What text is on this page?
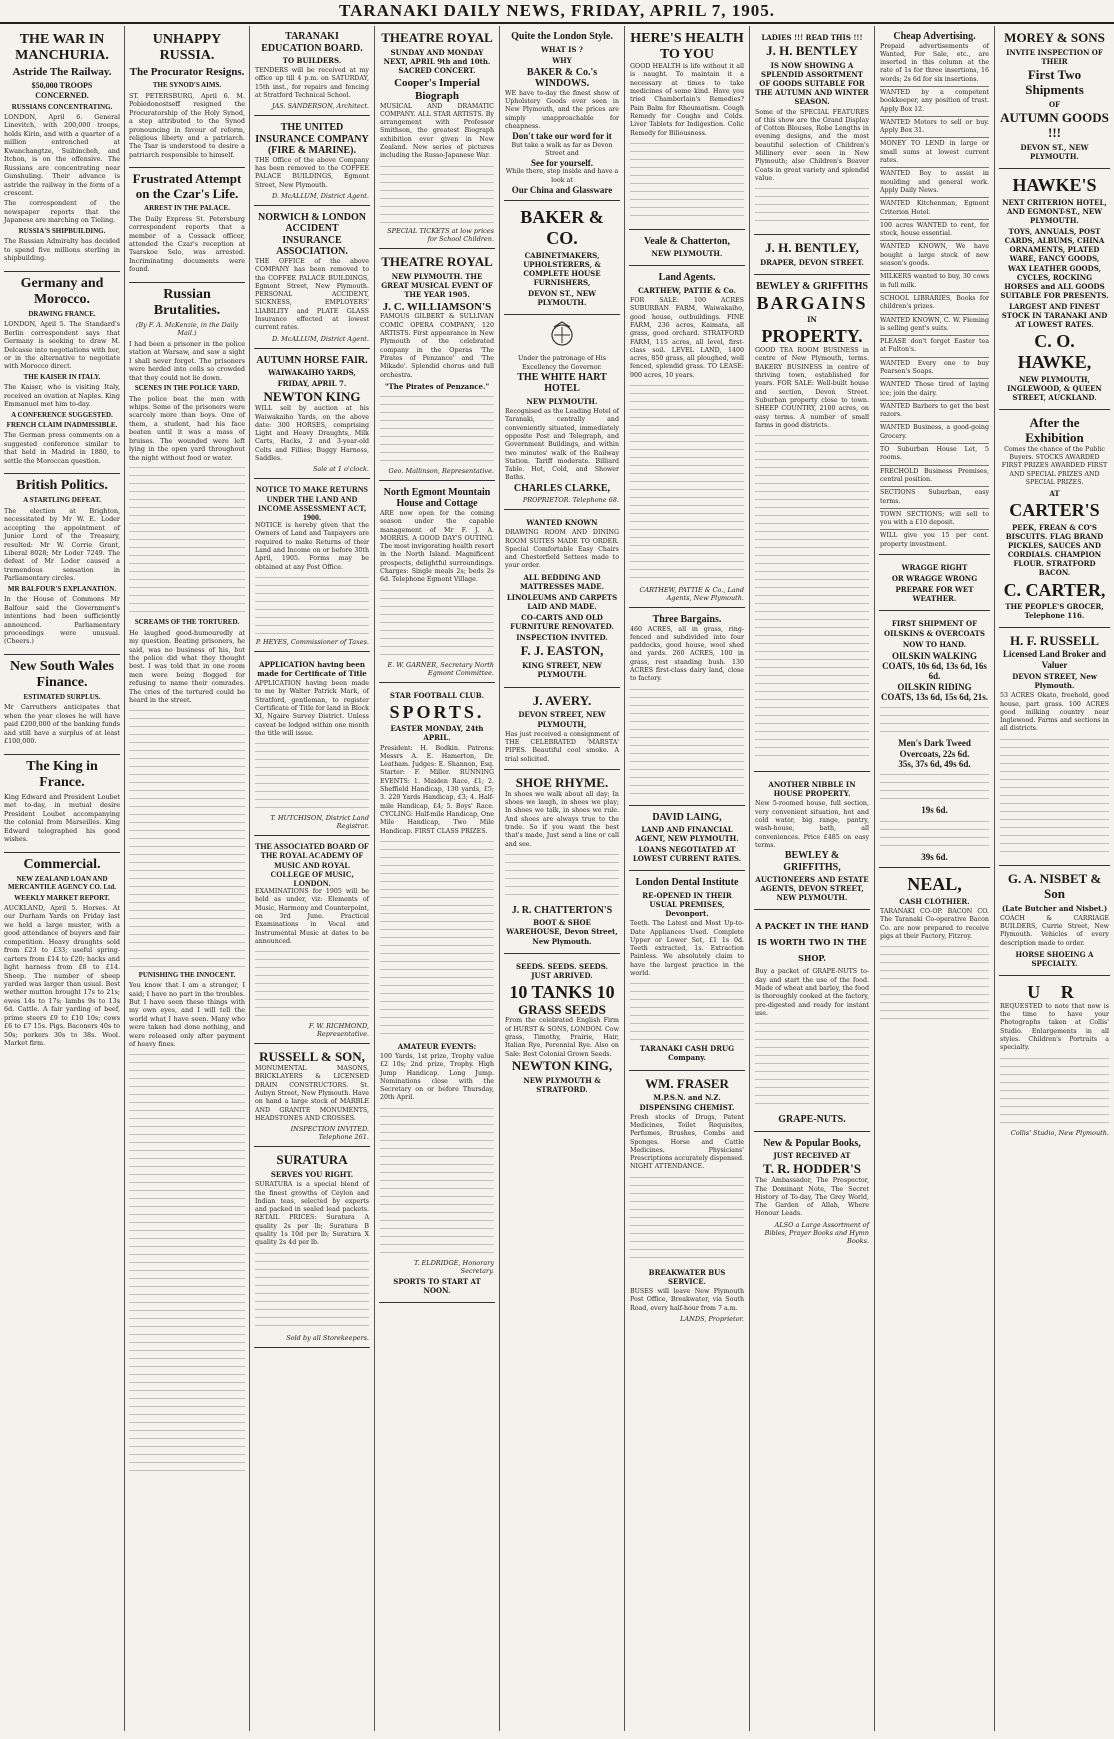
TARANAKI DAILY NEWS, FRIDAY, APRIL 7, 1905.
THE WAR IN MANCHURIA.
Astride The Railway.
$50,000 TROOPS CONCERNED.
RUSSIANS CONCENTRATING.

LONDON, April 6. General Linevitch, with 200,000 troops, holds Kirin, and with a quarter of a million entrenched at Kwanchangtze, Suibincheh, and Itchon, is on the offensive. The Russians are concentrating near Gunshuling. Their advance is astride the railway in the form of a crescent.

The correspondent of the newspaper reports that the Japanese are marching on Tieling.

RUSSIA'S SHIPBUILDING.

The Russian Admiralty has decided to spend five millions sterling in shipbuilding.

Germany and Morocco.
DRAWING FRANCE.

LONDON, April 5. The Standard's Berlin correspondent says that Germany is seeking to draw M. Delcasse into negotiations with her, or in the alternative to negotiate with Morocco direct.

THE KAISER IN ITALY.

The Kaiser, who is visiting Italy, received an ovation at Naples. King Emmanuel met him to-day.

A CONFERENCE SUGGESTED.
FRENCH CLAIM INADMISSIBLE.

The German press comments on a suggested conference similar to that held in Madrid in 1880, to settle the Moroccan question.

British Politics.
A STARTLING DEFEAT.

The election at Brighton, necessitated by Mr W. E. Loder accepting the appointment of Junior Lord of the Treasury, resulted: Mr W. Corrie Grant, Liberal 8028; Mr Loder 7249. The defeat of Mr Loder caused a tremendous sensation in Parliamentary circles.

MR BALFOUR'S EXPLANATION.

In the House of Commons Mr Balfour said the Government's intentions had been sufficiently announced. Parliamentary proceedings were unusual. (Cheers.)

New South Wales Finance.
ESTIMATED SURPLUS.

Mr Carruthers anticipates that when the year closes he will have paid £200,000 of the banking funds and still have a surplus of at least £100,000.

The King in France.

King Edward and President Loubet met to-day, in mutual desire President Loubet accompanying the colonial from Marseilles. King Edward telegraphed his good wishes.

Commercial.
NEW ZEALAND LOAN AND MERCANTILE AGENCY CO. Ltd.
WEEKLY MARKET REPORT.

AUCKLAND, April 5. Horses. At our Durham Yards on Friday last we held a large muster, with a good attendance of buyers and fair competition. Heavy draughts sold from £23 to £33; useful spring-carters from £14 to £20; hacks and light harness from £8 to £14. Sheep. The number of sheep yarded was larger than usual. Best wether mutton brought 17s to 21s; ewes 14s to 17s; lambs 9s to 13s 6d. Cattle. A fair yarding of beef, prime steers £9 to £10 10s; cows £6 to £7 15s. Pigs. Baconers 40s to 50s; porkers 30s to 38s. Wool. Market firm.

UNHAPPY RUSSIA.
The Procurator Resigns.
THE SYNOD'S AIMS.

ST. PETERSBURG, April 6. M. Pobiedonostseff resigned the Procuratorship of the Holy Synod, a step attributed to the Synod pronouncing in favour of reform, religious liberty and a patriarch. The Tsar is understood to desire a patriarch responsible to himself.

Frustrated Attempt on the Czar's Life.
ARREST IN THE PALACE.

The Daily Express St. Petersburg correspondent reports that a member of a Cossack officer, attended the Czar's reception at Tsarskoe Selo, was arrested. Incriminating documents were found.

Russian Brutalities.

(By F. A. McKenzie, in the Daily Mail.)

I had been a prisoner in the police station at Warsaw, and saw a sight I shall never forget. The prisoners were herded into cells so crowded that they could not lie down.

SCENES IN THE POLICE YARD.

The police beat the men with whips. Some of the prisoners were scarcely more than boys. One of them, a student, had his face beaten until it was a mass of bruises. The wounded were left lying in the open yard throughout the night without food or water.

SCREAMS OF THE TORTURED.

He laughed good-humouredly at my question. Beating prisoners, he said, was no business of his, but the police did what they thought best. I was told that in one room men were being flogged for refusing to name their comrades. The cries of the tortured could be heard in the street.

PUNISHING THE INNOCENT.

You know that I am a stranger, I said; I have no part in the troubles. But I have seen these things with my own eyes, and I will tell the world what I have seen. Many who were taken had done nothing, and were released only after payment of heavy fines.

TARANAKI EDUCATION BOARD.
TO BUILDERS.

TENDERS will be received at my office up till 4 p.m. on SATURDAY, 15th inst., for repairs and fencing at Stratford Technical School.

JAS. SANDERSON, Architect.
THE UNITED INSURANCE COMPANY (FIRE & MARINE).

THE Office of the above Company has been removed to the COFFEE PALACE BUILDINGS, Egmont Street, New Plymouth.

D. McALLUM, District Agent.
NORWICH & LONDON ACCIDENT INSURANCE ASSOCIATION.

THE OFFICE of the above COMPANY has been removed to the COFFEE PALACE BUILDINGS, Egmont Street, New Plymouth. PERSONAL ACCIDENT, SICKNESS, EMPLOYERS' LIABILITY and PLATE GLASS Insurance effected at lowest current rates.

D. McALLUM, District Agent.
AUTUMN HORSE FAIR.
WAIWAKAIHO YARDS,
FRIDAY, APRIL 7.
NEWTON KING

WILL sell by auction at his Waiwakaiho Yards, on the above date: 300 HORSES, comprising Light and Heavy Draughts, Milk Carts, Hacks, 2 and 3-year-old Colts and Fillies; Buggy Harness, Saddles.

Sale at 1 o'clock.
NOTICE TO MAKE RETURNS UNDER THE LAND AND INCOME ASSESSMENT ACT, 1900.

NOTICE is hereby given that the Owners of Land and Taxpayers are required to make Returns of their Land and Income on or before 30th April, 1905. Forms may be obtained at any Post Office.

P. HEYES, Commissioner of Taxes.
APPLICATION having been made for Certificate of Title

APPLICATION having been made to me by Walter Patrick Mark, of Stratford, gentleman, to register Certificate of Title for land in Block XI, Ngaire Survey District. Unless caveat be lodged within one month the title will issue.

T. HUTCHISON, District Land Registrar.
THE ASSOCIATED BOARD OF THE ROYAL ACADEMY OF MUSIC AND ROYAL COLLEGE OF MUSIC, LONDON.

EXAMINATIONS for 1905 will be held as under, viz: Elements of Music, Harmony and Counterpoint, on 3rd June. Practical Examinations in Vocal and Instrumental Music at dates to be announced.

F. W. RICHMOND, Representative.
RUSSELL & SON,

MONUMENTAL MASONS, BRICKLAYERS & LICENSED DRAIN CONSTRUCTORS. St. Aubyn Street, New Plymouth. Have on hand a large stock of MARBLE AND GRANITE MONUMENTS, HEADSTONES AND CROSSES.

INSPECTION INVITED. Telephone 261.
SURATURA
SERVES YOU RIGHT.

SURATURA is a special blend of the finest growths of Ceylon and Indian teas, selected by experts and packed in sealed lead packets. RETAIL PRICES: Suratura A quality 2s per lb; Suratura B quality 1s 10d per lb; Suratura X quality 2s 4d per lb.

Sold by all Storekeepers.
THEATRE ROYAL
SUNDAY AND MONDAY NEXT, APRIL 9th and 10th. SACRED CONCERT.
Cooper's Imperial Biograph

MUSICAL AND DRAMATIC COMPANY. ALL STAR ARTISTS. By arrangement with Professor Smithson, the greatest Biograph exhibition ever given in New Zealand. New series of pictures including the Russo-Japanese War.

SPECIAL TICKETS at low prices for School Children.
THEATRE ROYAL
NEW PLYMOUTH. THE GREAT MUSICAL EVENT OF THE YEAR 1905.
J. C. WILLIAMSON'S

FAMOUS GILBERT & SULLIVAN COMIC OPERA COMPANY, 120 ARTISTS. First appearance in New Plymouth of the celebrated company in the Operas 'The Pirates of Penzance' and 'The Mikado'. Splendid chorus and full orchestra.

"The Pirates of Penzance."
Geo. Mallinson, Representative.
North Egmont Mountain House and Cottage

ARE now open for the coming season under the capable management of Mr F. J. A. MORRIS. A GOOD DAY'S OUTING. The most invigorating health resort in the North Island. Magnificent prospects, delightful surroundings. Charges: Single meals 2s; beds 2s 6d. Telephone Egmont Village.

E. W. GARNER, Secretary North Egmont Committee.
STAR FOOTBALL CLUB.
SPORTS.
EASTER MONDAY, 24th APRIL.

President: H. Bodkin. Patrons: Messrs A. E. Hamerton, Dr. Leatham. Judges: E. Shannon, Esq. Starter: F. Miller. RUNNING EVENTS: 1. Maiden Race, £1; 2. Sheffield Handicap, 130 yards, £5; 3. 220 Yards Handicap, £3; 4. Half-mile Handicap, £4; 5. Boys' Race. CYCLING: Half-mile Handicap, One Mile Handicap, Two Mile Handicap. FIRST CLASS PRIZES.

AMATEUR EVENTS:

100 Yards, 1st prize, Trophy value £2 10s; 2nd prize, Trophy. High Jump Handicap. Long Jump. Nominations close with the Secretary on or before Thursday, 20th April.

T. ELDRIDGE, Honorary Secretary.
SPORTS TO START AT NOON.
Quite the London Style.
WHAT IS ?
WHY
BAKER & Co.'s WINDOWS.

WE have to-day the finest show of Upholstery Goods ever seen in New Plymouth, and the prices are simply unapproachable for cheapness.

Don't take our word for it

But take a walk as far as Devon Street and

See for yourself.

While there, step inside and have a look at

Our China and Glassware
BAKER & CO.
CABINETMAKERS, UPHOLSTERERS, & COMPLETE HOUSE FURNISHERS,
DEVON ST., NEW PLYMOUTH.

Under the patronage of His Excellency the Governor.

THE WHITE HART HOTEL
NEW PLYMOUTH.

Recognised as the Leading Hotel of Taranaki, centrally and conveniently situated, immediately opposite Post and Telegraph, and Government Buildings, and within two minutes' walk of the Railway Station. Tariff moderate. Billiard Table. Hot, Cold, and Shower Baths.

CHARLES CLARKE,
PROPRIETOR. Telephone 68.
WANTED KNOWN

DRAWING ROOM AND DINING ROOM SUITES MADE TO ORDER. Special Comfortable Easy Chairs and Chesterfield Settees made to your order.

ALL BEDDING AND MATTRESSES MADE.
LINOLEUMS AND CARPETS LAID AND MADE.
CO-CARTS AND OLD FURNITURE RENOVATED.
INSPECTION INVITED.
F. J. EASTON,
KING STREET, NEW PLYMOUTH.
J. AVERY.
DEVON STREET, NEW PLYMOUTH,

Has just received a consignment of THE CELEBRATED 'MARSTA' PIPES. Beautiful cool smoke. A trial solicited.

SHOE RHYME.

In shoes we walk about all day; In shoes we laugh, in shoes we play; In shoes we talk, in shoes we rule. And shoes are always true to the trade. So if you want the best that's made, Just send a line or call and see.

J. R. CHATTERTON'S
BOOT & SHOE WAREHOUSE, Devon Street, New Plymouth.
SEEDS. SEEDS. SEEDS. JUST ARRIVED.
10 TANKS 10
GRASS SEEDS

From the celebrated English Firm of HURST & SONS, LONDON. Cow grass, Timothy, Prairie, Hair, Italian Rye, Perennial Rye. Also on Sale: Best Colonial Grown Seeds.

NEWTON KING,
NEW PLYMOUTH & STRATFORD.
HERE'S HEALTH TO YOU

GOOD HEALTH is life without it all is naught. To maintain it a necessary at times to take medicines of some kind. Have you tried Chamberlain's Remedies? Pain Balm for Rheumatism. Cough Remedy for Coughs and Colds. Liver Tablets for Indigestion. Colic Remedy for Biliousness.

Veale & Chatterton,
NEW PLYMOUTH.
Land Agents.
CARTHEW, PATTIE & Co.

FOR SALE: 100 ACRES SUBURBAN FARM, Waiwakaiho, good house, outbuildings. FINE FARM, 236 acres, Kaimata, all grass, good orchard. STRATFORD FARM, 115 acres, all level, first-class soil. LEVEL LAND, 1400 acres, 850 grass, all ploughed, well fenced, splendid grass. TO LEASE: 900 acres, 10 years.

CARTHEW, PATTIE & Co., Land Agents, New Plymouth.
Three Bargains.

460 ACRES, all in grass, ring-fenced and subdivided into four paddocks, good house, wool shed and yards. 260 ACRES, 100 in grass, rest standing bush. 130 ACRES first-class dairy land, close to factory.

DAVID LAING,
LAND AND FINANCIAL AGENT, NEW PLYMOUTH.
LOANS NEGOTIATED AT LOWEST CURRENT RATES.
London Dental Institute
RE-OPENED IN THEIR USUAL PREMISES, Devonport.

Teeth. The Latest and Most Up-to-Date Appliances Used. Complete Upper or Lower Set, £1 1s 0d. Teeth extracted, 1s. Extraction Painless. We absolutely claim to have the largest practice in the world.

TARANAKI CASH DRUG Company.
WM. FRASER
M.P.S.N. and N.Z. DISPENSING CHEMIST.

Fresh stocks of Drugs, Patent Medicines, Toilet Requisites, Perfumes, Brushes, Combs and Sponges. Horse and Cattle Medicines. Physicians' Prescriptions accurately dispensed. NIGHT ATTENDANCE.

BREAKWATER BUS SERVICE.

BUSES will leave New Plymouth Post Office, Breakwater, via South Road, every half-hour from 7 a.m.

LANDS, Proprietor.
LADIES !!! READ THIS !!!
J. H. BENTLEY
IS NOW SHOWING A SPLENDID ASSORTMENT OF GOODS SUITABLE FOR THE AUTUMN AND WINTER SEASON.

Some of the SPECIAL FEATURES of this show are the Grand Display of Cotton Blouses, Robe Lengths in evening designs, and the most beautiful selection of Children's Millinery ever seen in New Plymouth; also Children's Beaver Coats in great variety and splendid value.

J. H. BENTLEY,
DRAPER, DEVON STREET.
BEWLEY & GRIFFITHS
BARGAINS
IN
PROPERTY.

GOOD TEA ROOM BUSINESS in centre of New Plymouth, terms. BAKERY BUSINESS in centre of thriving town, established for years. FOR SALE: Well-built house and section, Devon Street. Suburban property close to town. SHEEP COUNTRY, 2100 acres, on easy terms. A number of small farms in good districts.

ANOTHER NIBBLE IN HOUSE PROPERTY.

New 5-roomed house, full section, very convenient situation, hot and cold water, big range, pantry, wash-house, bath, all conveniences. Price £485 on easy terms.

BEWLEY & GRIFFITHS,
AUCTIONEERS AND ESTATE AGENTS, DEVON STREET, NEW PLYMOUTH.
A PACKET IN THE HAND IS WORTH TWO IN THE SHOP.

Buy a packet of GRAPE-NUTS to-day and start the use of the food. Made of wheat and barley, the food is thoroughly cooked at the factory, pre-digested and ready for instant use.

GRAPE-NUTS.
New & Popular Books,
JUST RECEIVED AT
T. R. HODDER'S

The Ambassador, The Prospector, The Dominant Note, The Secret History of To-day, The Grey World, The Garden of Allah, Where Honour Leads.

ALSO a Large Assortment of Bibles, Prayer Books and Hymn Books.
Cheap Advertising.

Prepaid advertisements of Wanted, For Sale, etc., are inserted in this column at the rate of 1s for three insertions, 16 words; 2s 6d for six insertions.

WANTED by a competent bookkeeper, any position of trust. Apply Box 12.

WANTED Motors to sell or buy. Apply Box 31.

MONEY TO LEND in large or small sums at lowest current rates.

WANTED Boy to assist in moulding and general work. Apply Daily News.

WANTED Kitchenman, Egmont Criterion Hotel.

100 acres WANTED to rent, for stock, house essential.

WANTED KNOWN, We have bought a large stock of new season's goods.

MILKERS wanted to buy, 30 cows in full milk.

SCHOOL LIBRARIES, Books for children's prizes.

WANTED KNOWN, C. W. Fleming is selling gent's suits.

PLEASE don't forget Easter tea at Fulton's.

WANTED Every one to buy Pearson's Soaps.

WANTED Those tired of laying ice; join the dairy.

WANTED Barbers to get the best razors.

WANTED Business, a good-going Grocery.

TO Suburban House Let, 5 rooms.

FRECHOLD Business Premises, central position.

SECTIONS Suburban, easy terms.

TOWN SECTIONS; will sell to you with a £10 deposit.

WILL give you 15 per cent. property investment.

WRAGGE RIGHT
OR WRAGGE WRONG
PREPARE FOR WET WEATHER.
FIRST SHIPMENT OF OILSKINS & OVERCOATS
NOW TO HAND.
OILSKIN WALKING COATS, 10s 6d, 13s 6d, 16s 6d.
OILSKIN RIDING COATS, 13s 6d, 15s 6d, 21s.
Men's Dark Tweed Overcoats, 22s 6d.
35s, 37s 6d, 49s 6d.
19s 6d.
39s 6d.
NEAL,
CASH CLOTHIER.

TARANAKI CO-OP. BACON CO. The Taranaki Co-operative Bacon Co. are now prepared to receive pigs at their Factory, Fitzroy.

MOREY & SONS
INVITE INSPECTION OF THEIR
First Two Shipments
OF
AUTUMN GOODS !!!
DEVON ST., NEW PLYMOUTH.
HAWKE'S
NEXT CRITERION HOTEL, AND EGMONT-ST., NEW PLYMOUTH.
TOYS, ANNUALS, POST CARDS, ALBUMS, CHINA ORNAMENTS, PLATED WARE, FANCY GOODS, WAX LEATHER GOODS, CYCLES, ROCKING HORSES and ALL GOODS SUITABLE FOR PRESENTS.
LARGEST AND FINEST STOCK IN TARANAKI AND AT LOWEST RATES.
C. O. HAWKE,
NEW PLYMOUTH, INGLEWOOD, & QUEEN STREET, AUCKLAND.
After the Exhibition

Comes the chance of the Public Buyers. STOCKS AWARDED FIRST PRIZES AWARDED FIRST AND SPECIAL PRIZES AND SPECIAL PRIZES.

AT
CARTER'S
PEEK, FREAN & CO'S BISCUITS. FLAG BRAND PICKLES, SAUCES AND CORDIALS. CHAMPION FLOUR. STRATFORD BACON.
C. CARTER,
THE PEOPLE'S GROCER, Telephone 116.
H. F. RUSSELL
Licensed Land Broker and Valuer
DEVON STREET, New Plymouth.

53 ACRES Okato, freehold, good house, part grass. 100 ACRES good milking country near Inglewood. Farms and sections in all districts.

G. A. NISBET & Son
(Late Butcher and Nisbet.)

COACH & CARRIAGE BUILDERS, Currie Street, New Plymouth. Vehicles of every description made to order.

HORSE SHOEING A SPECIALTY.
U R

REQUESTED to note that now is the time to have your Photographs taken at Collis' Studio. Enlargements in all styles. Children's Portraits a specialty.

Collis' Studio, New Plymouth.
